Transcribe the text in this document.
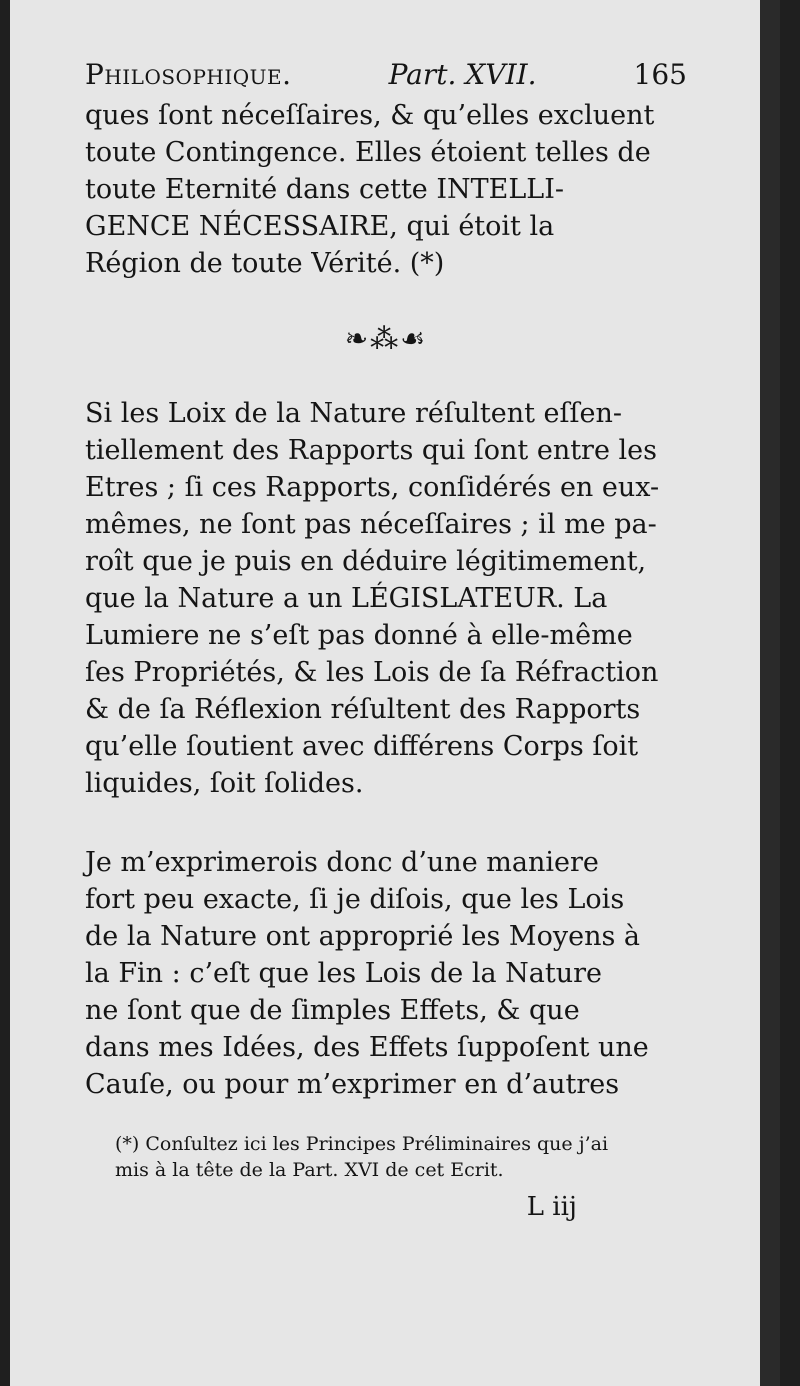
Philosophique.	Part. XVII.	165
ques ſont néceſſaires, & qu’elles excluent
toute Contingence. Elles étoient telles de
toute Eternité dans cette INTELLI-
GENCE NÉCESSAIRE, qui étoit la
Région de toute Vérité. (*)
❧⁂☙
Si les Loix de la Nature réſultent eſſen-
tiellement des Rapports qui ſont entre les
Etres ; ſi ces Rapports, conſidérés en eux-
mêmes, ne ſont pas néceſſaires ; il me pa-
roît que je puis en déduire légitimement,
que la Nature a un LÉGISLATEUR. La
Lumiere ne s’eſt pas donné à elle-même
ſes Propriétés, & les Lois de ſa Réfraction
& de ſa Réflexion réſultent des Rapports
qu’elle ſoutient avec différens Corps ſoit
liquides, ſoit ſolides.
Je m’exprimerois donc d’une maniere
fort peu exacte, ſi je diſois, que les Lois
de la Nature ont approprié les Moyens à
la Fin : c’eſt que les Lois de la Nature
ne ſont que de ſimples Effets, & que
dans mes Idées, des Effets ſuppoſent une
Cauſe, ou pour m’exprimer en d’autres
(*) Conſultez ici les Principes Préliminaires que j’ai
mis à la tête de la Part. XVI de cet Ecrit.
L iij
